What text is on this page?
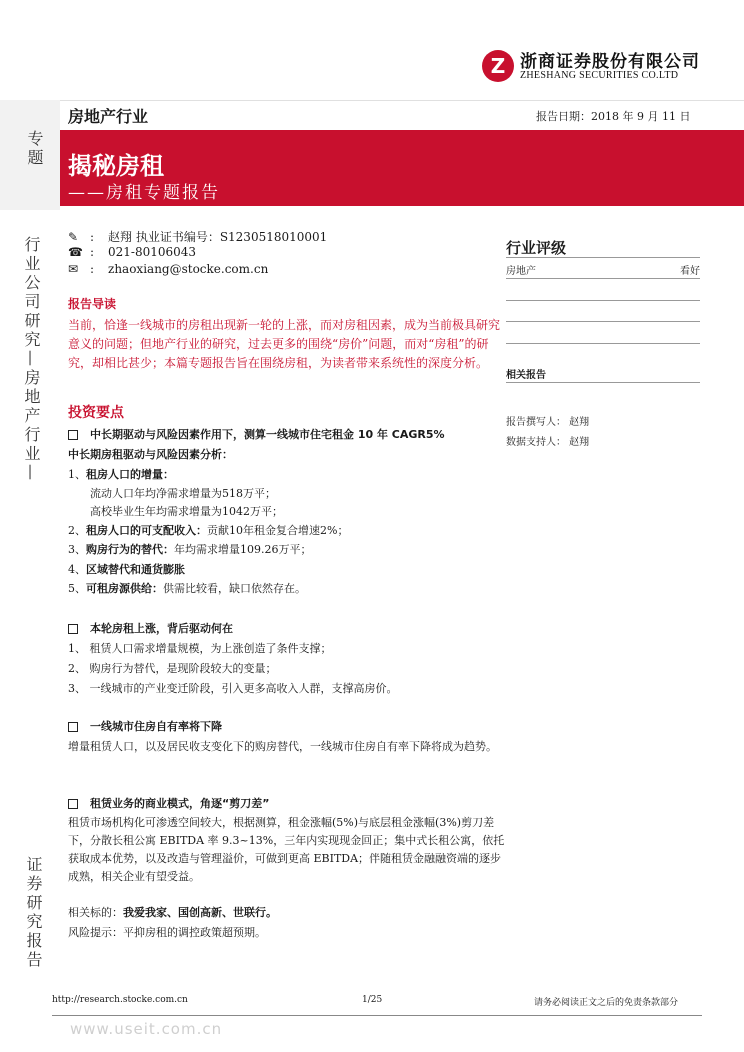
Z 浙商证券股份有限公司
ZHESHANG SECURITIES CO.LTD
专题
行业公司研究—房地产行业—
证券研究报告
房地产行业	报告日期：2018 年 9 月 11 日
揭秘房租
——房租专题报告
✎ : 赵翔 执业证书编号：S1230518010001
☎ : 021-80106043
✉ : zhaoxiang@stocke.com.cn
行业评级
房地产	看好
相关报告
报告撰写人： 赵翔
数据支持人： 赵翔
报告导读
当前，恰逢一线城市的房租出现新一轮的上涨，而对房租因素，成为当前极具研究意义的问题；但地产行业的研究，过去更多的围绕“房价”问题，而对“房租”的研究，却相比甚少；本篇专题报告旨在围绕房租，为读者带来系统性的深度分析。
投资要点
中长期驱动与风险因素作用下，测算一线城市住宅租金 10 年 CAGR5%
中长期房租驱动与风险因素分析：
1、租房人口的增量：
流动人口年均净需求增量为518万平；
高校毕业生年均需求增量为1042万平；
2、租房人口的可支配收入：贡献10年租金复合增速2%；
3、购房行为的替代：年均需求增量109.26万平；
4、区域替代和通货膨胀
5、可租房源供给：供需比较看，缺口依然存在。
本轮房租上涨，背后驱动何在
1、 租赁人口需求增量规模，为上涨创造了条件支撑；
2、 购房行为替代，是现阶段较大的变量；
3、 一线城市的产业变迁阶段，引入更多高收入人群，支撑高房价。
一线城市住房自有率将下降
增量租赁人口，以及居民收支变化下的购房替代，一线城市住房自有率下降将成为趋势。
租赁业务的商业模式，角逐“剪刀差”
租赁市场机构化可渗透空间较大，根据测算，租金涨幅(5%)与底层租金涨幅(3%)剪刀差下，分散长租公寓 EBITDA 率 9.3~13%，三年内实现现金回正；集中式长租公寓，依托获取成本优势，以及改造与管理溢价，可做到更高 EBITDA；伴随租赁金融融资端的逐步成熟，相关企业有望受益。
相关标的：我爱我家、国创高新、世联行。
风险提示：平抑房租的调控政策超预期。
http://research.stocke.com.cn	1/25	请务必阅读正文之后的免责条款部分
www.useit.com.cn
